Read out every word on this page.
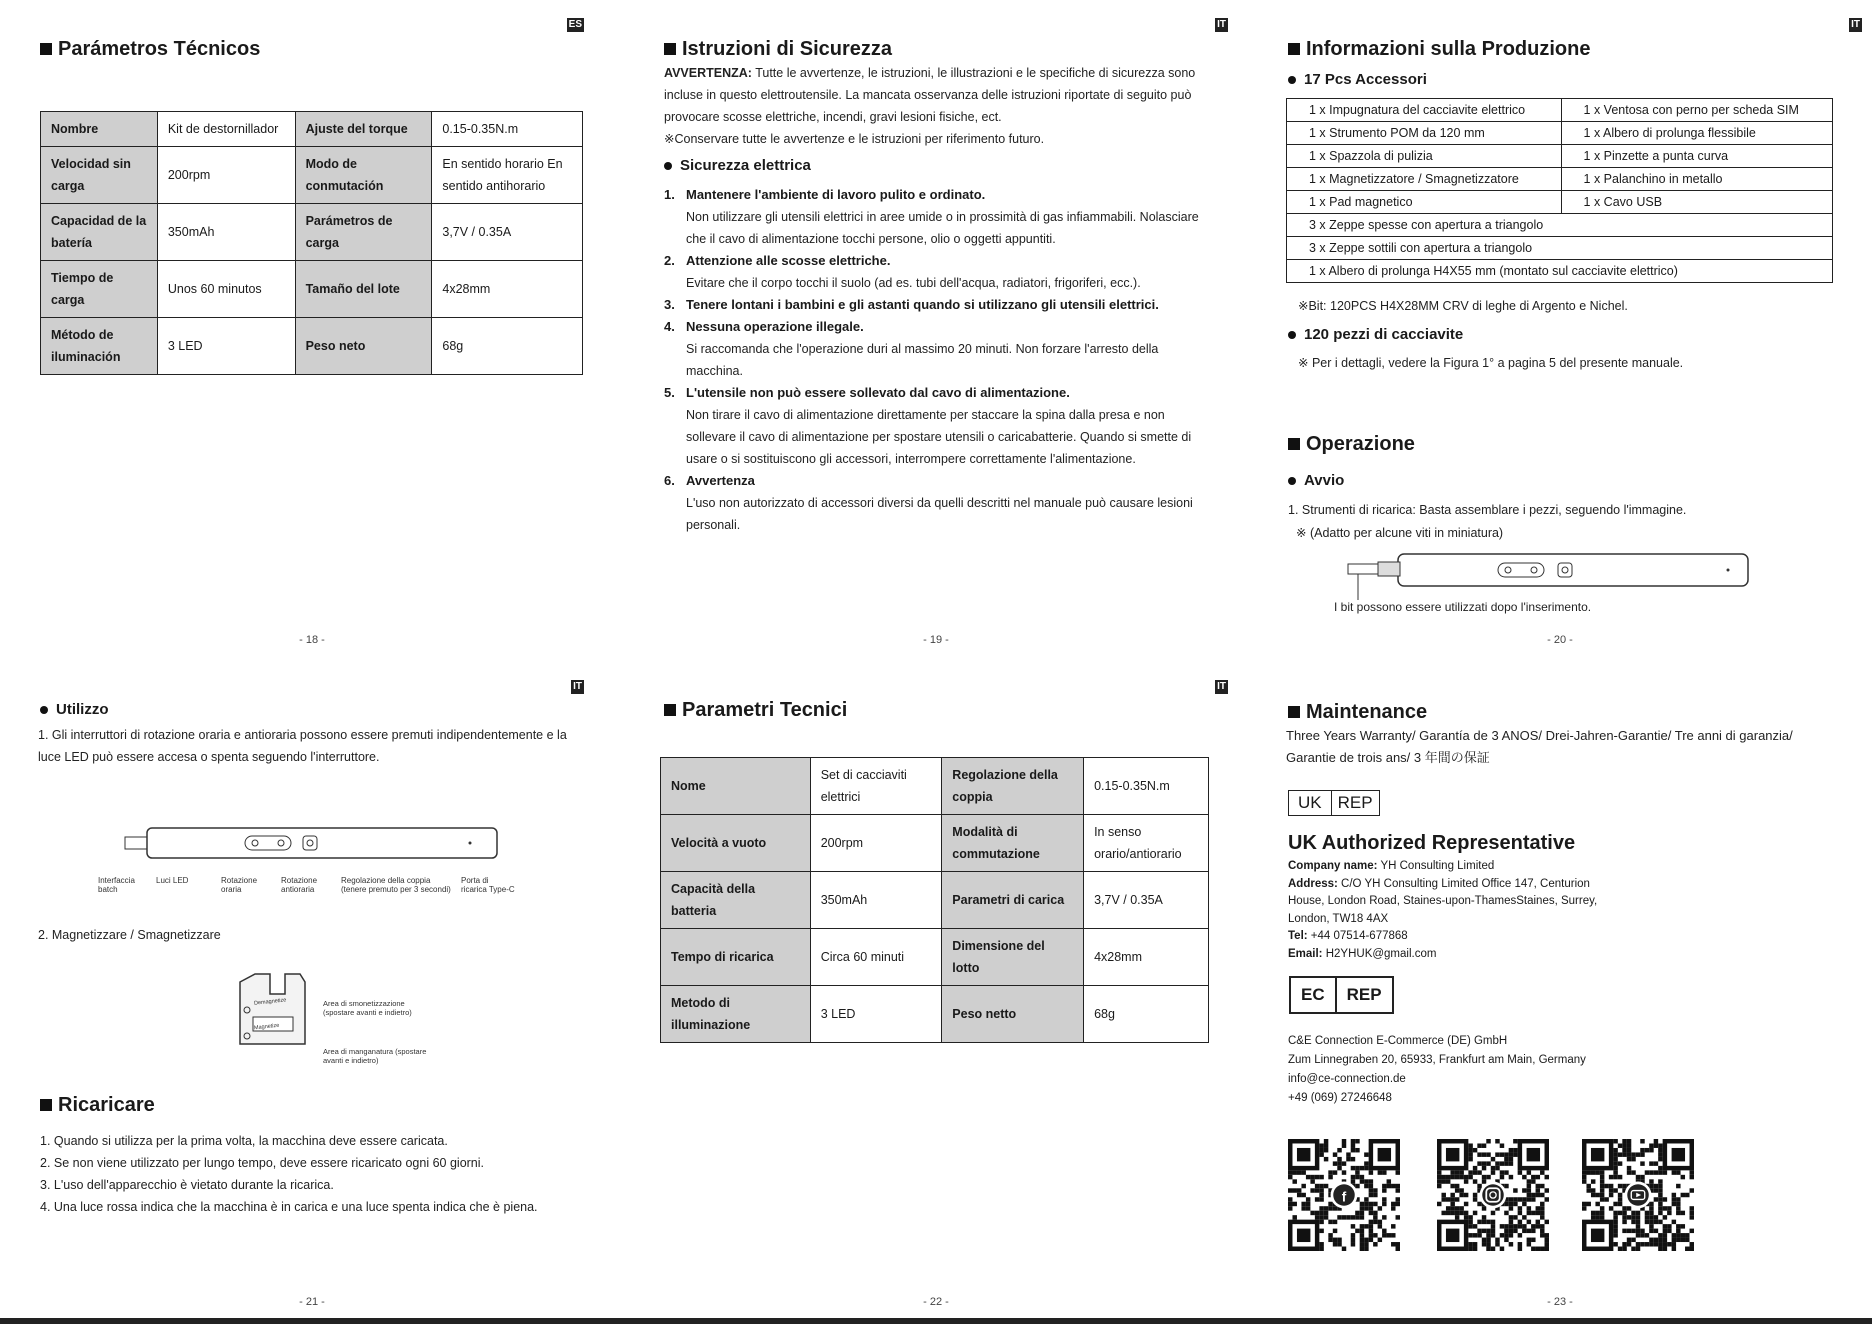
ES
Parámetros Técnicos
Nombre	Kit de destornillador	Ajuste del torque	0.15-0.35N.m
Velocidad sin carga	200rpm	Modo de conmutación	En sentido horario En sentido antihorario
Capacidad de la batería	350mAh	Parámetros de carga	3,7V / 0.35A
Tiempo de carga	Unos 60 minutos	Tamaño del lote	4x28mm
Método de iluminación	3 LED	Peso neto	68g
- 18 -
IT
Istruzioni di Sicurezza
AVVERTENZA: Tutte le avvertenze, le istruzioni, le illustrazioni e le specifiche di sicurezza sono incluse in questo elettroutensile. La mancata osservanza delle istruzioni riportate di seguito può provocare scosse elettriche, incendi, gravi lesioni fisiche, ect.
※Conservare tutte le avvertenze e le istruzioni per riferimento futuro.
Sicurezza elettrica
1. Mantenere l'ambiente di lavoro pulito e ordinato.
Non utilizzare gli utensili elettrici in aree umide o in prossimità di gas infiammabili. Nolasciare che il cavo di alimentazione tocchi persone, olio o oggetti appuntiti.
2. Attenzione alle scosse elettriche.
Evitare che il corpo tocchi il suolo (ad es. tubi dell'acqua, radiatori, frigoriferi, ecc.).
3. Tenere lontani i bambini e gli astanti quando si utilizzano gli utensili elettrici.
4. Nessuna operazione illegale.
Si raccomanda che l'operazione duri al massimo 20 minuti. Non forzare l'arresto della macchina.
5. L'utensile non può essere sollevato dal cavo di alimentazione.
Non tirare il cavo di alimentazione direttamente per staccare la spina dalla presa e non sollevare il cavo di alimentazione per spostare utensili o caricabatterie. Quando si smette di usare o si sostituiscono gli accessori, interrompere correttamente l'alimentazione.
6. Avvertenza
L'uso non autorizzato di accessori diversi da quelli descritti nel manuale può causare lesioni personali.
- 19 -
IT
Informazioni sulla Produzione
17 Pcs Accessori
1 x Impugnatura del cacciavite elettrico	1 x Ventosa con perno per scheda SIM
1 x Strumento POM da 120 mm	1 x Albero di prolunga flessibile
1 x Spazzola di pulizia	1 x Pinzette a punta curva
1 x Magnetizzatore / Smagnetizzatore	1 x Palanchino in metallo
1 x Pad magnetico	1 x Cavo USB
3 x Zeppe spesse con apertura a triangolo	
3 x Zeppe sottili con apertura a triangolo	
1 x Albero di prolunga H4X55 mm (montato sul cacciavite elettrico)	
※Bit: 120PCS H4X28MM CRV di leghe di Argento e Nichel.
120 pezzi di cacciavite
※ Per i dettagli, vedere la Figura 1° a pagina 5 del presente manuale.
Operazione
Avvio
1. Strumenti di ricarica: Basta assemblare i pezzi, seguendo l'immagine.
※ (Adatto per alcune viti in miniatura)
I bit possono essere utilizzati dopo l'inserimento.
- 20 -
IT
Utilizzo
1. Gli interruttori di rotazione oraria e antioraria possono essere premuti indipendentemente e la luce LED può essere accesa o spenta seguendo l'interruttore.
Interfaccia batch
Luci LED	Rotazione oraria
Rotazione antioraria
Regolazione della coppia (tenere premuto per 3 secondi)
Porta di ricarica Type-C
2. Magnetizzare / Smagnetizzare
Demagnetize
Magnetize
Area di smonetizzazione (spostare avanti e indietro)
Area di manganatura (spostare avanti e indietro)
Ricaricare
1. Quando si utilizza per la prima volta, la macchina deve essere caricata.
2. Se non viene utilizzato per lungo tempo, deve essere ricaricato ogni 60 giorni.
3. L'uso dell'apparecchio è vietato durante la ricarica.
4. Una luce rossa indica che la macchina è in carica e una luce spenta indica che è piena.
- 21 -
IT
Parametri Tecnici
Nome	Set di cacciaviti elettrici	Regolazione della coppia	0.15-0.35N.m
Velocità a vuoto	200rpm	Modalità di commutazione	In senso orario/antiorario
Capacità della batteria	350mAh	Parametri di carica	3,7V / 0.35A
Tempo di ricarica	Circa 60 minuti	Dimensione del lotto	4x28mm
Metodo di illuminazione	3 LED	Peso netto	68g
- 22 -
Maintenance
Three Years Warranty/ Garantía de 3 ANOS/ Drei-Jahren-Garantie/ Tre anni di garanzia/ Garantie de trois ans/ 3 年間の保証
UK REP
UK Authorized Representative
Company name: YH Consulting Limited
Address: C/O YH Consulting Limited Office 147, Centurion House, London Road, Staines-upon-ThamesStaines, Surrey, London, TW18 4AX
Tel: +44 07514-677868
Email: H2YHUK@gmail.com
EC	REP
C&E Connection E-Commerce (DE) GmbH
Zum Linnegraben 20, 65933, Frankfurt am Main, Germany
info@ce-connection.de
+49 (069) 27246648
f
- 23 -
